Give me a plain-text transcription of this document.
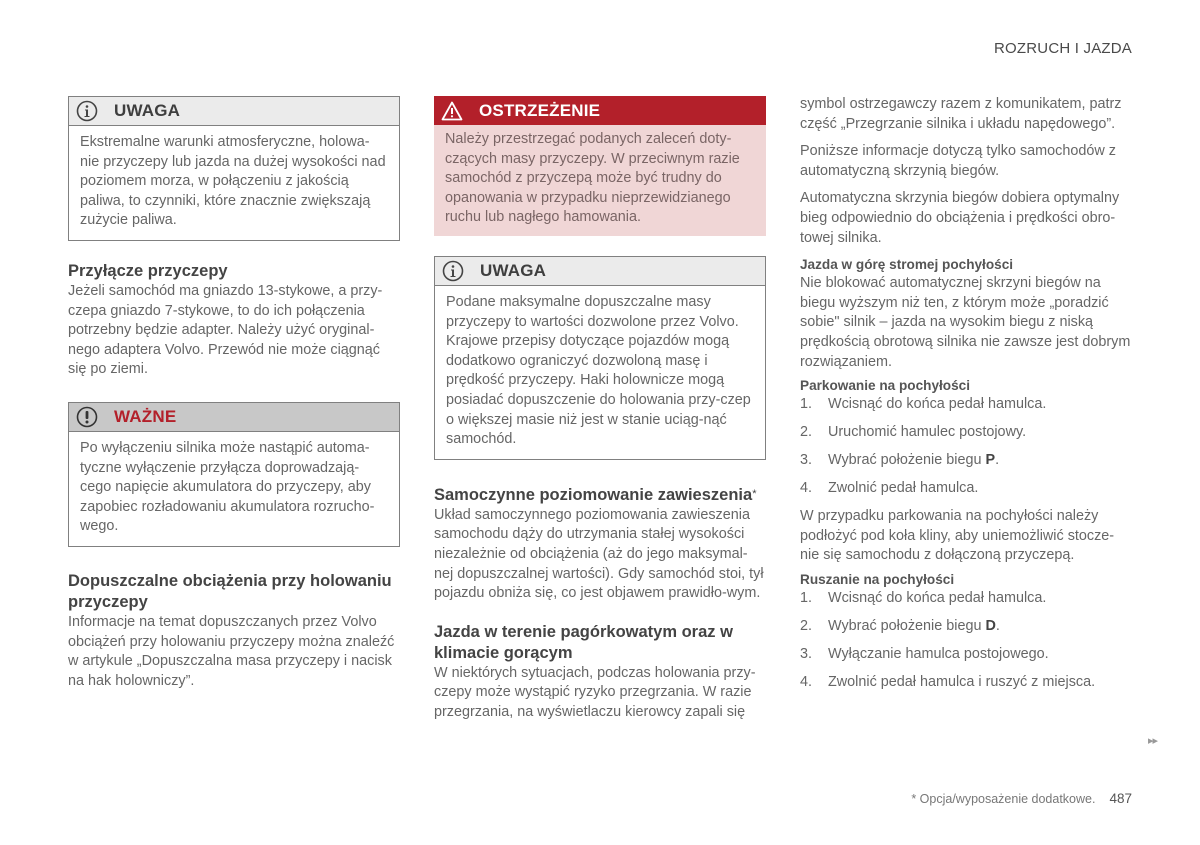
ROZRUCH I JAZDA
UWAGA
Ekstremalne warunki atmosferyczne, holowa-nie przyczepy lub jazda na dużej wysokości nad poziomem morza, w połączeniu z jakością paliwa, to czynniki, które znacznie zwiększają zużycie paliwa.
Przyłącze przyczepy
Jeżeli samochód ma gniazdo 13-stykowe, a przy-czepa gniazdo 7-stykowe, to do ich połączenia potrzebny będzie adapter. Należy użyć oryginal-nego adaptera Volvo. Przewód nie może ciągnąć się po ziemi.
WAŻNE
Po wyłączeniu silnika może nastąpić automa-tyczne wyłączenie przyłącza doprowadzają-cego napięcie akumulatora do przyczepy, aby zapobiec rozładowaniu akumulatora rozrucho-wego.
Dopuszczalne obciążenia przy holowaniu przyczepy
Informacje na temat dopuszczanych przez Volvo obciążeń przy holowaniu przyczepy można znaleźć w artykule „Dopuszczalna masa przyczepy i nacisk na hak holowniczy”.
OSTRZEŻENIE
Należy przestrzegać podanych zaleceń doty-czących masy przyczepy. W przeciwnym razie samochód z przyczepą może być trudny do opanowania w przypadku nieprzewidzianego ruchu lub nagłego hamowania.
UWAGA
Podane maksymalne dopuszczalne masy przyczepy to wartości dozwolone przez Volvo. Krajowe przepisy dotyczące pojazdów mogą dodatkowo ograniczyć dozwoloną masę i prędkość przyczepy. Haki holownicze mogą posiadać dopuszczenie do holowania przy-czep o większej masie niż jest w stanie uciąg-nąć samochód.
Samoczynne poziomowanie zawieszenia*
Układ samoczynnego poziomowania zawieszenia samochodu dąży do utrzymania stałej wysokości niezależnie od obciążenia (aż do jego maksymal-nej dopuszczalnej wartości). Gdy samochód stoi, tył pojazdu obniża się, co jest objawem prawidło-wym.
Jazda w terenie pagórkowatym oraz w klimacie gorącym
W niektórych sytuacjach, podczas holowania przy-czepy może wystąpić ryzyko przegrzania. W razie przegrzania, na wyświetlaczu kierowcy zapali się
symbol ostrzegawczy razem z komunikatem, patrz część „Przegrzanie silnika i układu napędowego”.
Poniższe informacje dotyczą tylko samochodów z automatyczną skrzynią biegów.
Automatyczna skrzynia biegów dobiera optymalny bieg odpowiednio do obciążenia i prędkości obro-towej silnika.
Jazda w górę stromej pochyłości
Nie blokować automatycznej skrzyni biegów na biegu wyższym niż ten, z którym może „poradzić sobie" silnik – jazda na wysokim biegu z niską prędkością obrotową silnika nie zawsze jest dobrym rozwiązaniem.
Parkowanie na pochyłości
1.	Wcisnąć do końca pedał hamulca.
2.	Uruchomić hamulec postojowy.
3.	Wybrać położenie biegu P.
4.	Zwolnić pedał hamulca.
W przypadku parkowania na pochyłości należy podłożyć pod koła kliny, aby uniemożliwić stocze-nie się samochodu z dołączoną przyczepą.
Ruszanie na pochyłości
1.	Wcisnąć do końca pedał hamulca.
2.	Wybrać położenie biegu D.
3.	Wyłączanie hamulca postojowego.
4.	Zwolnić pedał hamulca i ruszyć z miejsca.
▸▸
* Opcja/wyposażenie dodatkowe. 487
